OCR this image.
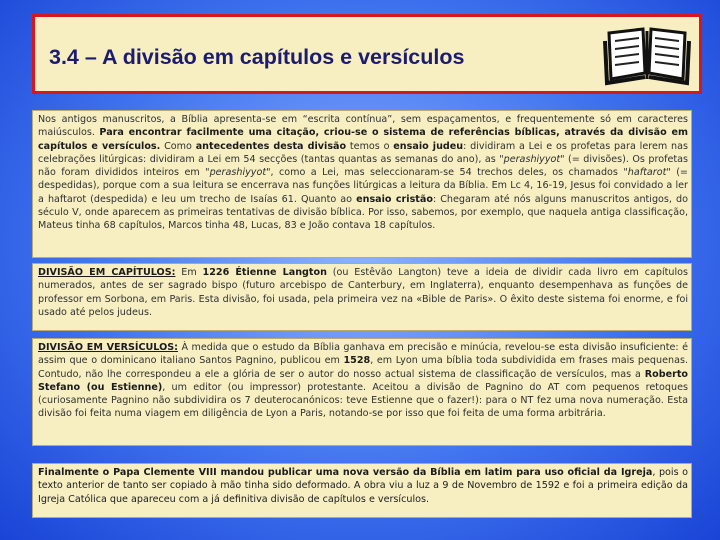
3.4 – A divisão em capítulos e versículos
Nos antigos manuscritos, a Bíblia apresenta-se em “escrita contínua”, sem espaçamentos, e frequentemente só em caracteres maiúsculos. Para encontrar facilmente uma citação, criou-se o sistema de referências bíblicas, através da divisão em capítulos e versículos. Como antecedentes desta divisão temos o ensaio judeu: dividiram a Lei e os profetas para lerem nas celebrações litúrgicas: dividiram a Lei em 54 secções (tantas quantas as semanas do ano), as "perashiyyot" (= divisões). Os profetas não foram divididos inteiros em "perashiyyot", como a Lei, mas seleccionaram-se 54 trechos deles, os chamados "haftarot" (= despedidas), porque com a sua leitura se encerrava nas funções litúrgicas a leitura da Bíblia. Em Lc 4, 16-19, Jesus foi convidado a ler a haftarot (despedida) e leu um trecho de Isaías 61. Quanto ao ensaio cristão: Chegaram até nós alguns manuscritos antigos, do século V, onde aparecem as primeiras tentativas de divisão bíblica. Por isso, sabemos, por exemplo, que naquela antiga classificação, Mateus tinha 68 capítulos, Marcos tinha 48, Lucas, 83 e João contava 18 capítulos.
DIVISÃO EM CAPÍTULOS: Em 1226 Étienne Langton (ou Estêvão Langton) teve a ideia de dividir cada livro em capítulos numerados, antes de ser sagrado bispo (futuro arcebispo de Canterbury, em Inglaterra), enquanto desempenhava as funções de professor em Sorbona, em Paris. Esta divisão, foi usada, pela primeira vez na «Bible de Paris». O êxito deste sistema foi enorme, e foi usado até pelos judeus.
DIVISÃO EM VERSÍCULOS: À medida que o estudo da Bíblia ganhava em precisão e minúcia, revelou-se esta divisão insuficiente: é assim que o dominicano italiano Santos Pagnino, publicou em 1528, em Lyon uma bíblia toda subdividida em frases mais pequenas. Contudo, não lhe correspondeu a ele a glória de ser o autor do nosso actual sistema de classificação de versículos, mas a Roberto Stefano (ou Estienne), um editor (ou impressor) protestante. Aceitou a divisão de Pagnino do AT com pequenos retoques (curiosamente Pagnino não subdividira os 7 deuterocanónicos: teve Estienne que o fazer!): para o NT fez uma nova numeração. Esta divisão foi feita numa viagem em diligência de Lyon a Paris, notando-se por isso que foi feita de uma forma arbitrária.
Finalmente o Papa Clemente VIII mandou publicar uma nova versão da Bíblia em latim para uso oficial da Igreja, pois o texto anterior de tanto ser copiado à mão tinha sido deformado. A obra viu a luz a 9 de Novembro de 1592 e foi a primeira edição da Igreja Católica que apareceu com a já definitiva divisão de capítulos e versículos.
